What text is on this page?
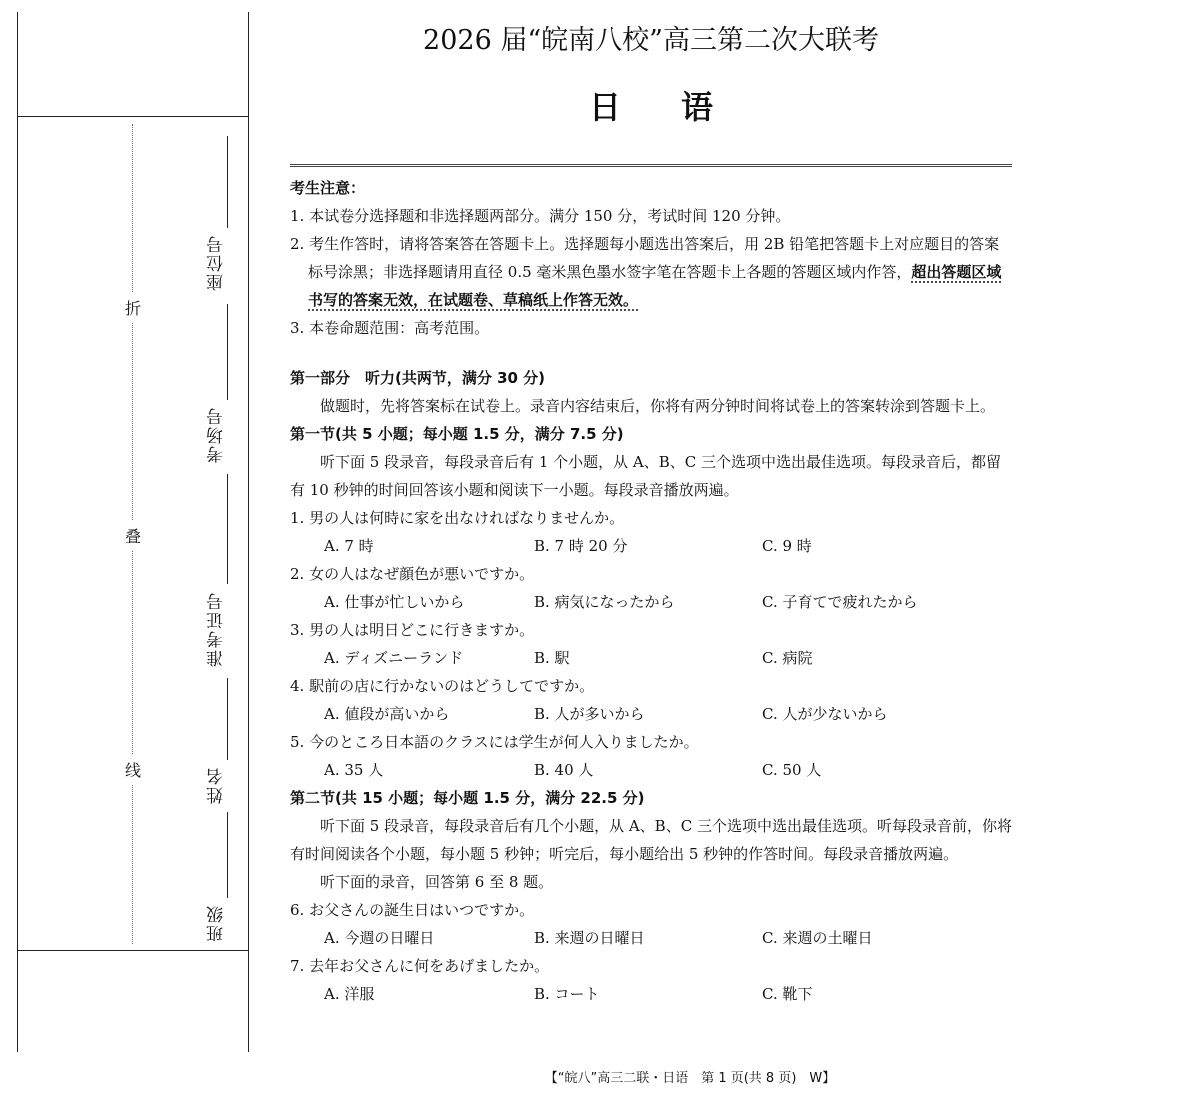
折
叠
线
座位号
考场号
准考证号
姓名
班级
2026 届“皖南八校”高三第二次大联考
日语

考生注意：

1. 本试卷分选择题和非选择题两部分。满分 150 分，考试时间 120 分钟。

2. 考生作答时，请将答案答在答题卡上。选择题每小题选出答案后，用 2B 铅笔把答题卡上对应题目的答案标号涂黑；非选择题请用直径 0.5 毫米黑色墨水签字笔在答题卡上各题的答题区域内作答，超出答题区域书写的答案无效，在试题卷、草稿纸上作答无效。

3. 本卷命题范围：高考范围。

第一部分　听力(共两节，满分 30 分)

做题时，先将答案标在试卷上。录音内容结束后，你将有两分钟时间将试卷上的答案转涂到答题卡上。

第一节(共 5 小题；每小题 1.5 分，满分 7.5 分)

听下面 5 段录音，每段录音后有 1 个小题，从 A、B、C 三个选项中选出最佳选项。每段录音后，都留有 10 秒钟的时间回答该小题和阅读下一小题。每段录音播放两遍。

1. 男の人は何時に家を出なければなりませんか。

A. 7 時	B. 7 時 20 分	C. 9 時

2. 女の人はなぜ顔色が悪いですか。

A. 仕事が忙しいから	B. 病気になったから	C. 子育てで疲れたから

3. 男の人は明日どこに行きますか。

A. ディズニーランド	B. 駅	C. 病院

4. 駅前の店に行かないのはどうしてですか。

A. 値段が高いから	B. 人が多いから	C. 人が少ないから

5. 今のところ日本語のクラスには学生が何人入りましたか。

A. 35 人	B. 40 人	C. 50 人

第二节(共 15 小题；每小题 1.5 分，满分 22.5 分)

听下面 5 段录音，每段录音后有几个小题，从 A、B、C 三个选项中选出最佳选项。听每段录音前，你将有时间阅读各个小题，每小题 5 秒钟；听完后，每小题给出 5 秒钟的作答时间。每段录音播放两遍。

听下面的录音，回答第 6 至 8 题。

6. お父さんの誕生日はいつですか。

A. 今週の日曜日	B. 来週の日曜日	C. 来週の土曜日

7. 去年お父さんに何をあげましたか。

A. 洋服	B. コート	C. 靴下
【“皖八”高三二联・日语　第 1 页(共 8 页)　W】
